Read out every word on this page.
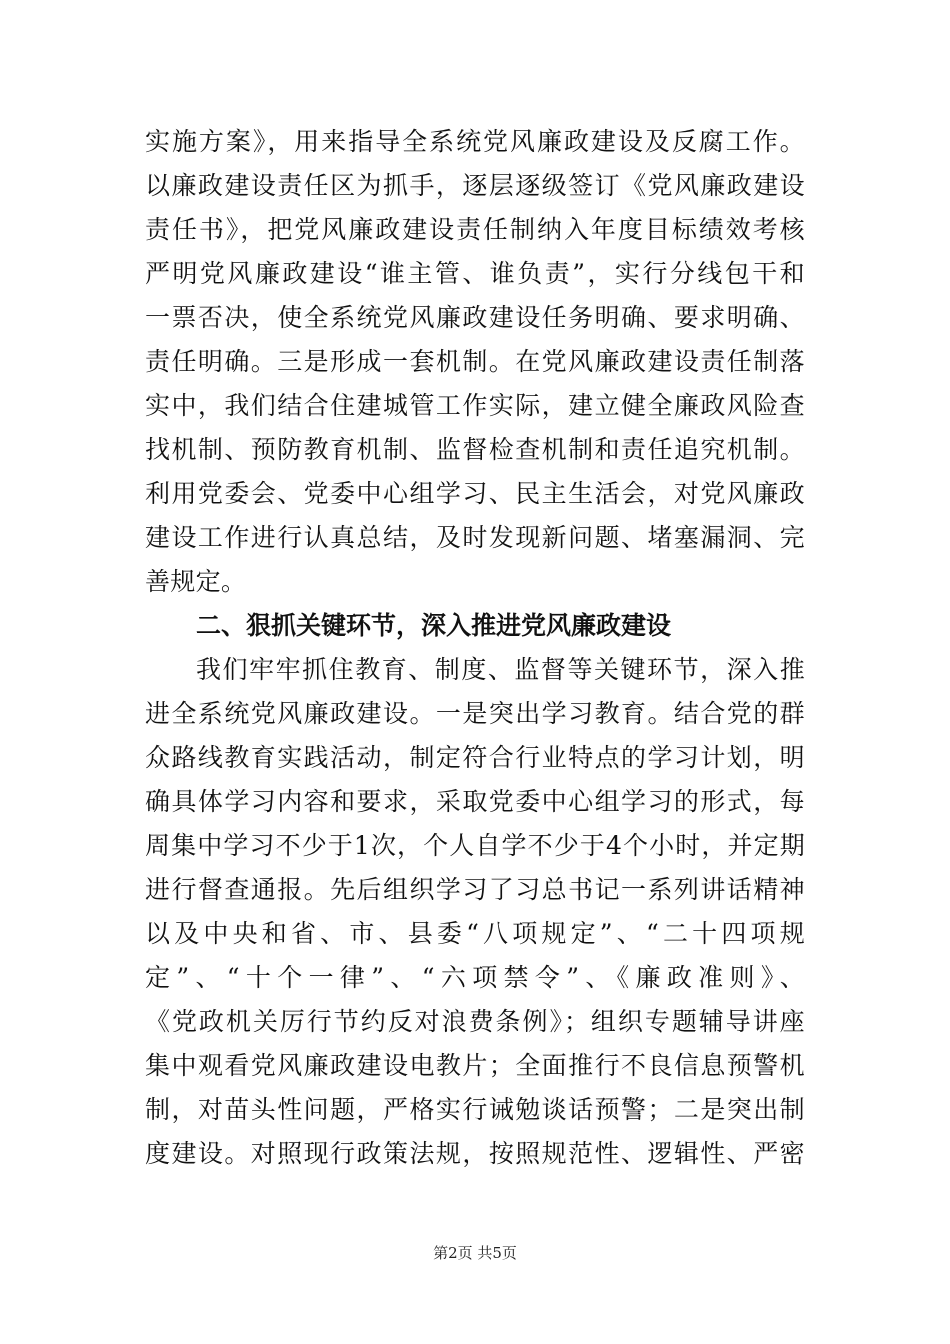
实施方案》，用来指导全系统党风廉政建设及反腐工作。
以廉政建设责任区为抓手，逐层逐级签订《党风廉政建设
责任书》，把党风廉政建设责任制纳入年度目标绩效考核
严明党风廉政建设“谁主管、谁负责”，实行分线包干和
一票否决，使全系统党风廉政建设任务明确、要求明确、
责任明确。三是形成一套机制。在党风廉政建设责任制落
实中，我们结合住建城管工作实际，建立健全廉政风险查
找机制、预防教育机制、监督检查机制和责任追究机制。
利用党委会、党委中心组学习、民主生活会，对党风廉政
建设工作进行认真总结，及时发现新问题、堵塞漏洞、完
善规定。
二、狠抓关键环节，深入推进党风廉政建设
我们牢牢抓住教育、制度、监督等关键环节，深入推
进全系统党风廉政建设。一是突出学习教育。结合党的群
众路线教育实践活动，制定符合行业特点的学习计划，明
确具体学习内容和要求，采取党委中心组学习的形式，每
周集中学习不少于1次，个人自学不少于4个小时，并定期
进行督查通报。先后组织学习了习总书记一系列讲话精神
以及中央和省、市、县委“八项规定”、“二十四项规
定”、“十个一律”、“六项禁令”、《廉政准则》、
《党政机关厉行节约反对浪费条例》；组织专题辅导讲座
集中观看党风廉政建设电教片；全面推行不良信息预警机
制，对苗头性问题，严格实行诫勉谈话预警；二是突出制
度建设。对照现行政策法规，按照规范性、逻辑性、严密
第2页 共5页
